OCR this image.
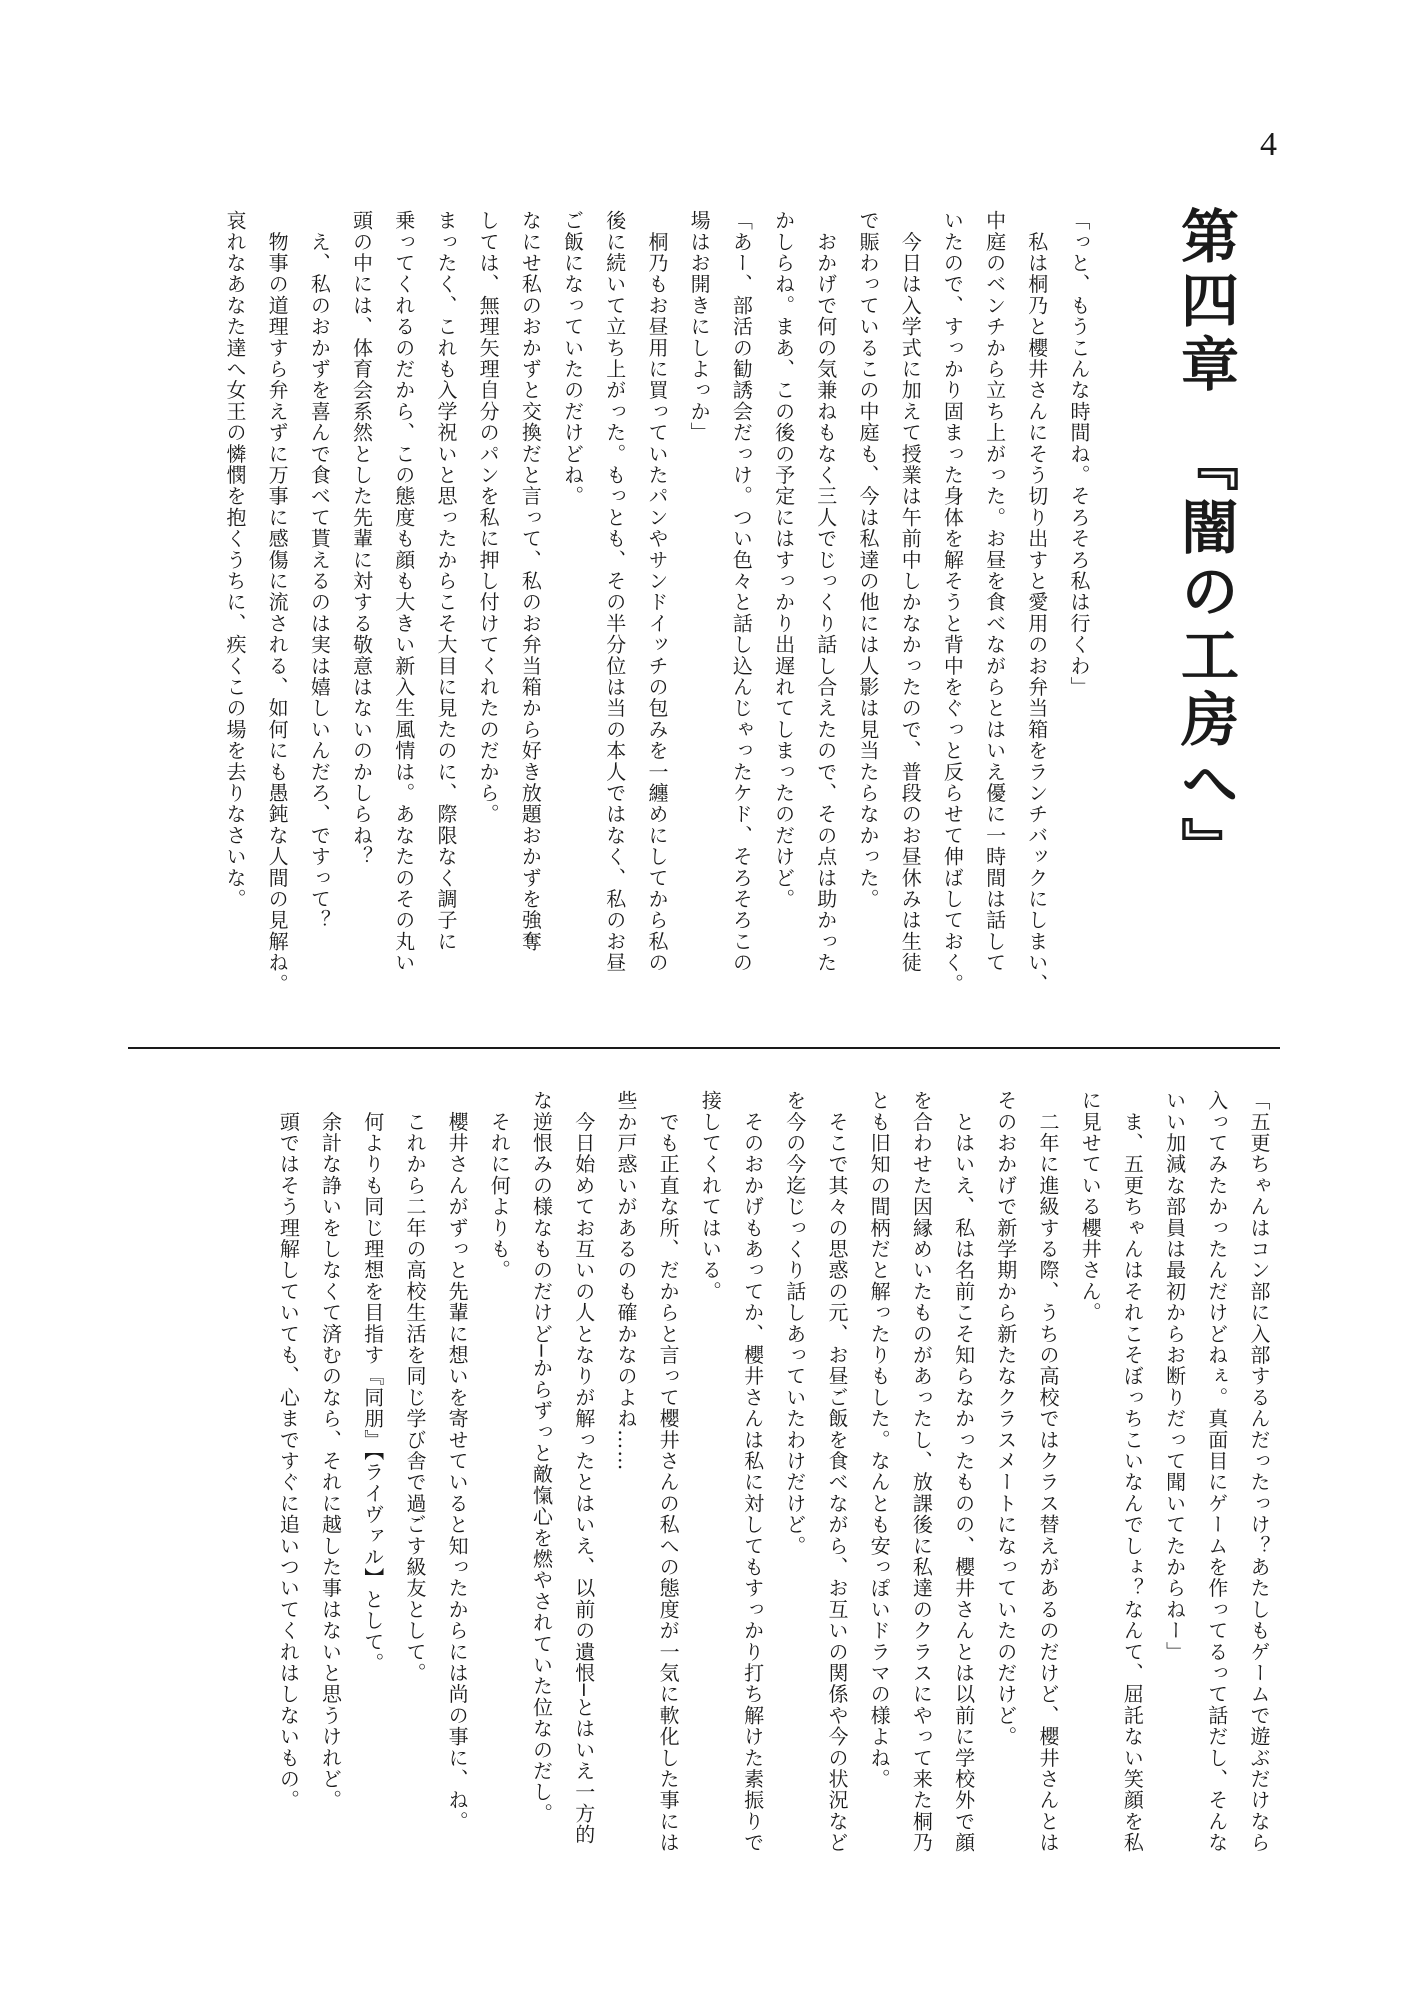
4
第四章　『闇の工房へ』
「っと、もうこんな時間ね。そろそろ私は行くわ」
　私は桐乃と櫻井さんにそう切り出すと愛用のお弁当箱をランチバックにしまい、
中庭のベンチから立ち上がった。お昼を食べながらとはいえ優に一時間は話して
いたので、すっかり固まった身体を解そうと背中をぐっと反らせて伸ばしておく。
　今日は入学式に加えて授業は午前中しかなかったので、普段のお昼休みは生徒
で賑わっているこの中庭も、今は私達の他には人影は見当たらなかった。
　おかげで何の気兼ねもなく三人でじっくり話し合えたので、その点は助かった
かしらね。まあ、この後の予定にはすっかり出遅れてしまったのだけど。
「あー、部活の勧誘会だっけ。つい色々と話し込んじゃったケド、そろそろこの
場はお開きにしよっか」
　桐乃もお昼用に買っていたパンやサンドイッチの包みを一纏めにしてから私の
後に続いて立ち上がった。もっとも、その半分位は当の本人ではなく、私のお昼
ご飯になっていたのだけどね。
なにせ私のおかずと交換だと言って、私のお弁当箱から好き放題おかずを強奪
しては、無理矢理自分のパンを私に押し付けてくれたのだから。
まったく、これも入学祝いと思ったからこそ大目に見たのに、際限なく調子に
乗ってくれるのだから、この態度も顔も大きい新入生風情は。あなたのその丸い
頭の中には、体育会系然とした先輩に対する敬意はないのかしらね？
　え、私のおかずを喜んで食べて貰えるのは実は嬉しいんだろ、ですって？
　物事の道理すら弁えずに万事に感傷に流される、如何にも愚鈍な人間の見解ね。
哀れなあなた達へ女王の憐憫を抱くうちに、疾くこの場を去りなさいな。
「五更ちゃんはコン部に入部するんだったっけ？あたしもゲームで遊ぶだけなら
入ってみたかったんだけどねぇ。真面目にゲームを作ってるって話だし、そんな
いい加減な部員は最初からお断りだって聞いてたからねー」
　ま、五更ちゃんはそれこそぼっちこいなんでしょ？なんて、屈託ない笑顔を私
に見せている櫻井さん。
　二年に進級する際、うちの高校ではクラス替えがあるのだけど、櫻井さんとは
そのおかげで新学期から新たなクラスメートになっていたのだけど。
　とはいえ、私は名前こそ知らなかったものの、櫻井さんとは以前に学校外で顔
を合わせた因縁めいたものがあったし、放課後に私達のクラスにやって来た桐乃
とも旧知の間柄だと解ったりもした。なんとも安っぽいドラマの様よね。
　そこで其々の思惑の元、お昼ご飯を食べながら、お互いの関係や今の状況など
を今の今迄じっくり話しあっていたわけだけど。
　そのおかげもあってか、櫻井さんは私に対してもすっかり打ち解けた素振りで
接してくれてはいる。
　でも正直な所、だからと言って櫻井さんの私への態度が一気に軟化した事には
些か戸惑いがあるのも確かなのよね……
　今日始めてお互いの人となりが解ったとはいえ、以前の遺恨─とはいえ一方的
な逆恨みの様なものだけど─からずっと敵愾心を燃やされていた位なのだし。
　それに何よりも。
　櫻井さんがずっと先輩に想いを寄せていると知ったからには尚の事に、ね。
　これから二年の高校生活を同じ学び舎で過ごす級友として。
　何よりも同じ理想を目指す『同朋』【ライヴァル】として。
　余計な諍いをしなくて済むのなら、それに越した事はないと思うけれど。
　頭ではそう理解していても、心まですぐに追いついてくれはしないもの。
